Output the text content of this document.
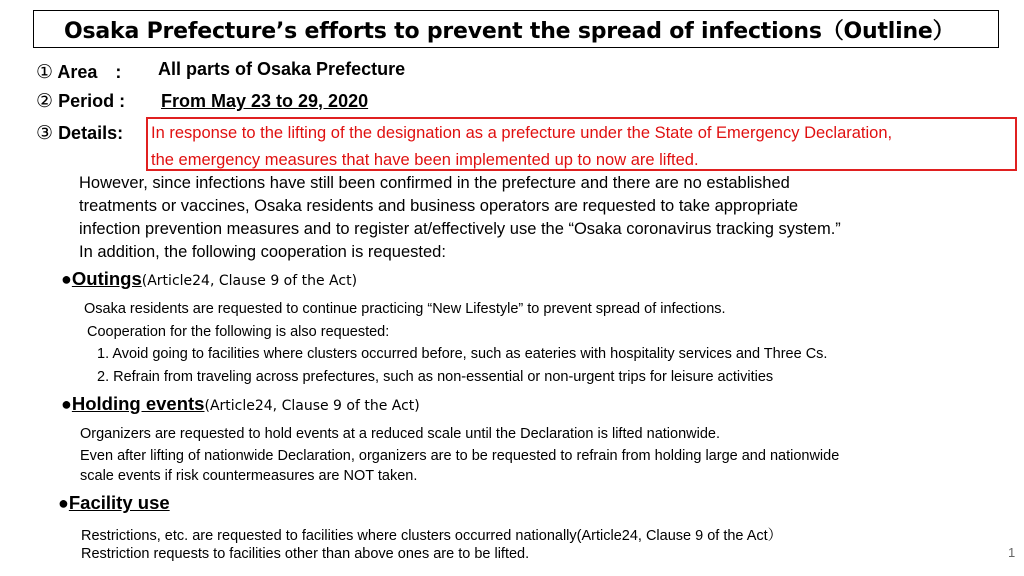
Osaka Prefecture’s efforts to prevent the spread of infections（Outline）
① Area　: All parts of Osaka Prefecture
② Period : From May 23 to 29, 2020
③ Details: In response to the lifting of the designation as a prefecture under the State of Emergency Declaration,
the emergency measures that have been implemented up to now are lifted.
However, since infections have still been confirmed in the prefecture and there are no established
treatments or vaccines, Osaka residents and business operators are requested to take appropriate
infection prevention measures and to register at/effectively use the “Osaka coronavirus tracking system.”
In addition, the following cooperation is requested:
●Outings(Article24, Clause 9 of the Act)
Osaka residents are requested to continue practicing “New Lifestyle” to prevent spread of infections.
Cooperation for the following is also requested:
1. Avoid going to facilities where clusters occurred before, such as eateries with hospitality services and Three Cs.
2. Refrain from traveling across prefectures, such as non-essential or non-urgent trips for leisure activities
●Holding events(Article24, Clause 9 of the Act)
Organizers are requested to hold events at a reduced scale until the Declaration is lifted nationwide.
Even after lifting of nationwide Declaration, organizers are to be requested to refrain from holding large and nationwide
scale events if risk countermeasures are NOT taken.
●Facility use
Restrictions, etc. are requested to facilities where clusters occurred nationally(Article24, Clause 9 of the Act）
Restriction requests to facilities other than above ones are to be lifted.	1
